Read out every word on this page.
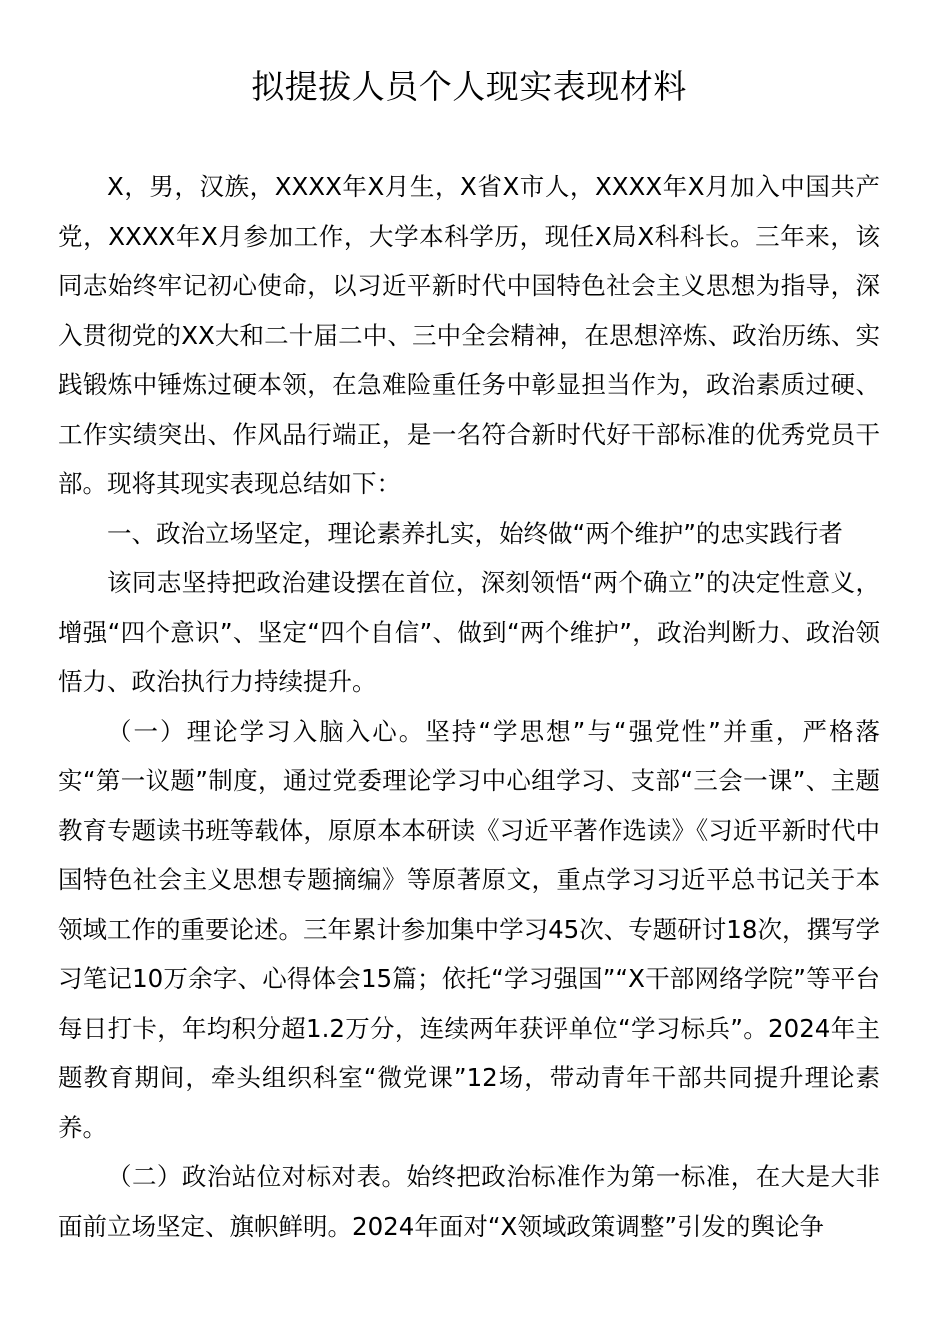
拟提拔人员个人现实表现材料

X，男，汉族，XXXX年X月生，X省X市人，XXXX年X月加入中国共产党，XXXX年X月参加工作，大学本科学历，现任X局X科科长。三年来，该同志始终牢记初心使命，以习近平新时代中国特色社会主义思想为指导，深入贯彻党的XX大和二十届二中、三中全会精神，在思想淬炼、政治历练、实践锻炼中锤炼过硬本领，在急难险重任务中彰显担当作为，政治素质过硬、工作实绩突出、作风品行端正，是一名符合新时代好干部标准的优秀党员干部。现将其现实表现总结如下：

一、政治立场坚定，理论素养扎实，始终做“两个维护”的忠实践行者

该同志坚持把政治建设摆在首位，深刻领悟“两个确立”的决定性意义，增强“四个意识”、坚定“四个自信”、做到“两个维护”，政治判断力、政治领悟力、政治执行力持续提升。

（一）理论学习入脑入心。坚持“学思想”与“强党性”并重，严格落实“第一议题”制度，通过党委理论学习中心组学习、支部“三会一课”、主题教育专题读书班等载体，原原本本研读《习近平著作选读》《习近平新时代中国特色社会主义思想专题摘编》等原著原文，重点学习习近平总书记关于本领域工作的重要论述。三年累计参加集中学习45次、专题研讨18次，撰写学习笔记10万余字、心得体会15篇；依托“学习强国”“X干部网络学院”等平台每日打卡，年均积分超1.2万分，连续两年获评单位“学习标兵”。2024年主题教育期间，牵头组织科室“微党课”12场，带动青年干部共同提升理论素养。

（二）政治站位对标对表。始终把政治标准作为第一标准，在大是大非面前立场坚定、旗帜鲜明。2024年面对“X领域政策调整”引发的舆论争
